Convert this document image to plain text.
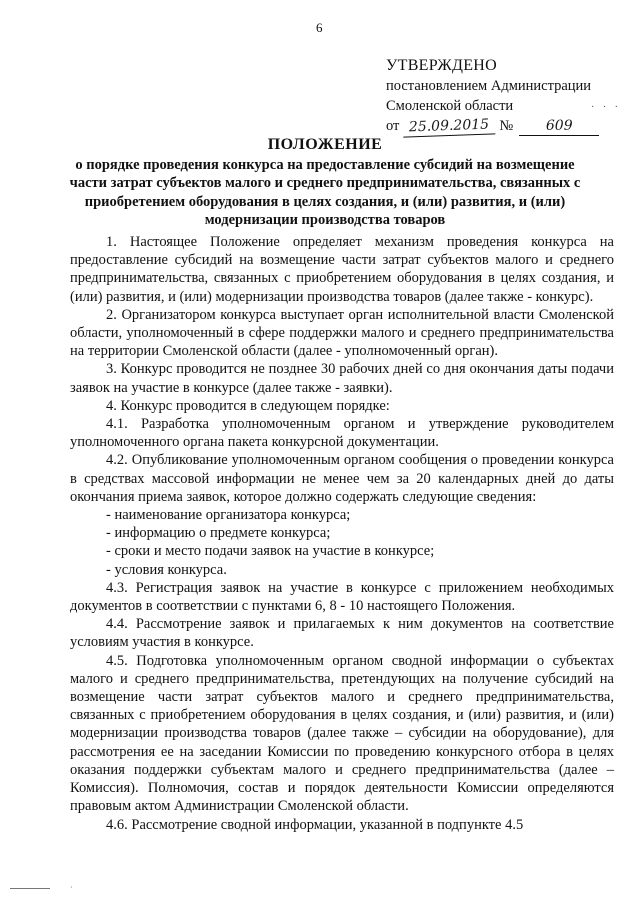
6
УТВЕРЖДЕНО
постановлением Администрации
Смоленской области
от 25.09.2015 №	609
· · ·
ПОЛОЖЕНИЕ
о порядке проведения конкурса на предоставление субсидий на возмещение части затрат субъектов малого и среднего предпринимательства, связанных с приобретением оборудования в целях создания, и (или) развития, и (или) модернизации производства товаров

1. Настоящее Положение определяет механизм проведения конкурса на предоставление субсидий на возмещение части затрат субъектов малого и среднего предпринимательства, связанных с приобретением оборудования в целях создания, и (или) развития, и (или) модернизации производства товаров (далее также - конкурс).

2. Организатором конкурса выступает орган исполнительной власти Смоленской области, уполномоченный в сфере поддержки малого и среднего предпринимательства на территории Смоленской области (далее - уполномоченный орган).

3. Конкурс проводится не позднее 30 рабочих дней со дня окончания даты подачи заявок на участие в конкурсе (далее также - заявки).

4. Конкурс проводится в следующем порядке:

4.1. Разработка уполномоченным органом и утверждение руководителем уполномоченного органа пакета конкурсной документации.

4.2. Опубликование уполномоченным органом сообщения о проведении конкурса в средствах массовой информации не менее чем за 20 календарных дней до даты окончания приема заявок, которое должно содержать следующие сведения:

- наименование организатора конкурса;

- информацию о предмете конкурса;

- сроки и место подачи заявок на участие в конкурсе;

- условия конкурса.

4.3. Регистрация заявок на участие в конкурсе с приложением необходимых документов в соответствии с пунктами 6, 8 - 10 настоящего Положения.

4.4. Рассмотрение заявок и прилагаемых к ним документов на соответствие условиям участия в конкурсе.

4.5. Подготовка уполномоченным органом сводной информации о субъектах малого и среднего предпринимательства, претендующих на получение субсидий на возмещение части затрат субъектов малого и среднего предпринимательства, связанных с приобретением оборудования в целях создания, и (или) развития, и (или) модернизации производства товаров (далее также – субсидии на оборудование), для рассмотрения ее на заседании Комиссии по проведению конкурсного отбора в целях оказания поддержки субъектам малого и среднего предпринимательства (далее – Комиссия). Полномочия, состав и порядок деятельности Комиссии определяются правовым актом Администрации Смоленской области.

4.6. Рассмотрение сводной информации, указанной в подпункте 4.5

·
